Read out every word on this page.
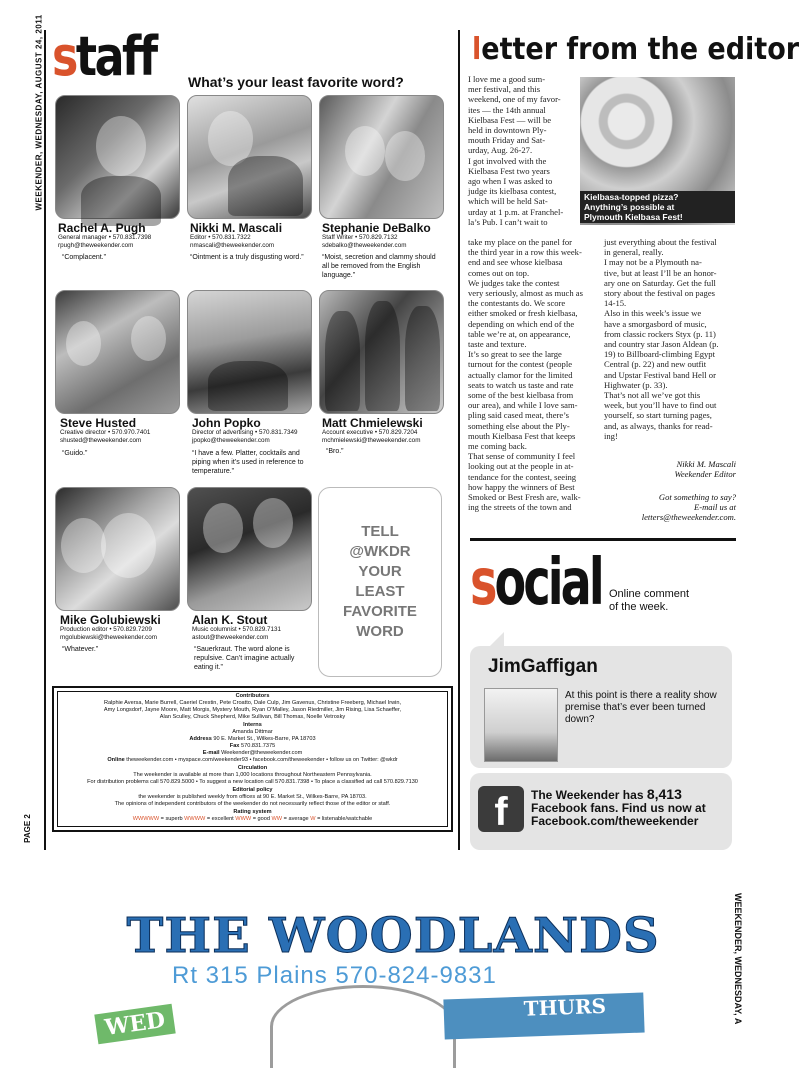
WEEKENDER, WEDNESDAY, AUGUST 24, 2011
PAGE 2
WEEKENDER, WEDNESDAY, A
staff What’s your least favorite word?
Rachel A. Pugh
General manager • 570.831.7398
rpugh@theweekender.com
“Complacent.”
Nikki M. Mascali
Editor • 570.831.7322
nmascali@theweekender.com
“Ointment is a truly disgusting word.”
Stephanie DeBalko
Staff Writer • 570.829.7132
sdebalko@theweekender.com
“Moist, secretion and clammy should all be removed from the English language.”
Steve Husted
Creative director • 570.970.7401
shusted@theweekender.com
“Guido.”
John Popko
Director of advertising • 570.831.7349
jpopko@theweekender.com
“I have a few. Platter, cocktails and piping when it’s used in reference to temperature.”
Matt Chmielewski
Account executive • 570.829.7204
mchmielewski@theweekender.com
“Bro.”
TELL
@WKDR
YOUR
LEAST
FAVORITE
WORD
Mike Golubiewski
Production editor • 570.829.7209
mgolubiewski@theweekender.com
“Whatever.”
Alan K. Stout
Music columnist • 570.829.7131
astout@theweekender.com
“Sauerkraut. The word alone is repulsive. Can’t imagine actually eating it.”
Contributors
Ralphie Aversa, Marie Burrell, Caeriel Crestin, Pete Croatto, Dale Culp, Jim Gavenus, Christine Freeberg, Michael Irwin,
Amy Longsdorf, Jayne Moore, Matt Morgis, Mystery Mouth, Ryan O’Malley, Jason Riedmiller, Jim Rising, Lisa Schaeffer,
Alan Sculley, Chuck Shepherd, Mike Sullivan, Bill Thomas, Noelle Vetrosky
Interns
Amanda Dittmar
Address 90 E. Market St., Wilkes-Barre, PA 18703
Fax 570.831.7375
E-mail Weekender@theweekender.com
Online theweekender.com • myspace.com/weekender93 • facebook.com/theweekender • follow us on Twitter: @wkdr
Circulation
The weekender is available at more than 1,000 locations throughout Northeastern Pennsylvania.
For distribution problems call 570.829.5000 • To suggest a new location call 570.831.7398 • To place a classified ad call 570.829.7130
Editorial policy
the weekender is published weekly from offices at 90 E. Market St., Wilkes-Barre, PA 18703.
The opinions of independent contributors of the weekender do not necessarily reflect those of the editor or staff.
Rating system
WWWWW = superb WWWW = excellent WWW = good WW = average W = listenable/watchable
letter from the editor
Kielbasa-topped pizza?
Anything’s possible at
Plymouth Kielbasa Fest!
I love me a good sum-
mer festival, and this
weekend, one of my favor-
ites — the 14th annual
Kielbasa Fest — will be
held in downtown Ply-
mouth Friday and Sat-
urday, Aug. 26-27.
I got involved with the
Kielbasa Fest two years
ago when I was asked to
judge its kielbasa contest,
which will be held Sat-
urday at 1 p.m. at Franchel-
la’s Pub. I can’t wait to
take my place on the panel for
the third year in a row this week-
end and see whose kielbasa
comes out on top.
We judges take the contest
very seriously, almost as much as
the contestants do. We score
either smoked or fresh kielbasa,
depending on which end of the
table we’re at, on appearance,
taste and texture.
It’s so great to see the large
turnout for the contest (people
actually clamor for the limited
seats to watch us taste and rate
some of the best kielbasa from
our area), and while I love sam-
pling said cased meat, there’s
something else about the Ply-
mouth Kielbasa Fest that keeps
me coming back.
That sense of community I feel
looking out at the people in at-
tendance for the contest, seeing
how happy the winners of Best
Smoked or Best Fresh are, walk-
ing the streets of the town and
just everything about the festival
in general, really.
I may not be a Plymouth na-
tive, but at least I’ll be an honor-
ary one on Saturday. Get the full
story about the festival on pages
14-15.
Also in this week’s issue we
have a smorgasbord of music,
from classic rockers Styx (p. 11)
and country star Jason Aldean (p.
19) to Billboard-climbing Egypt
Central (p. 22) and new outfit
and Upstar Festival band Hell or
Highwater (p. 33).
That’s not all we’ve got this
week, but you’ll have to find out
yourself, so start turning pages,
and, as always, thanks for read-
ing!
Nikki M. Mascali
Weekender Editor
Got something to say?
E-mail us at
letters@theweekender.com.
social Online comment
of the week.
JimGaffigan
At this point is there a reality show premise that’s ever been turned down?
f	The Weekender has 8,413
Facebook fans. Find us now at
Facebook.com/theweekender
THE WOODLANDS
Rt 315 Plains 570-824-9831
WED	THURS
